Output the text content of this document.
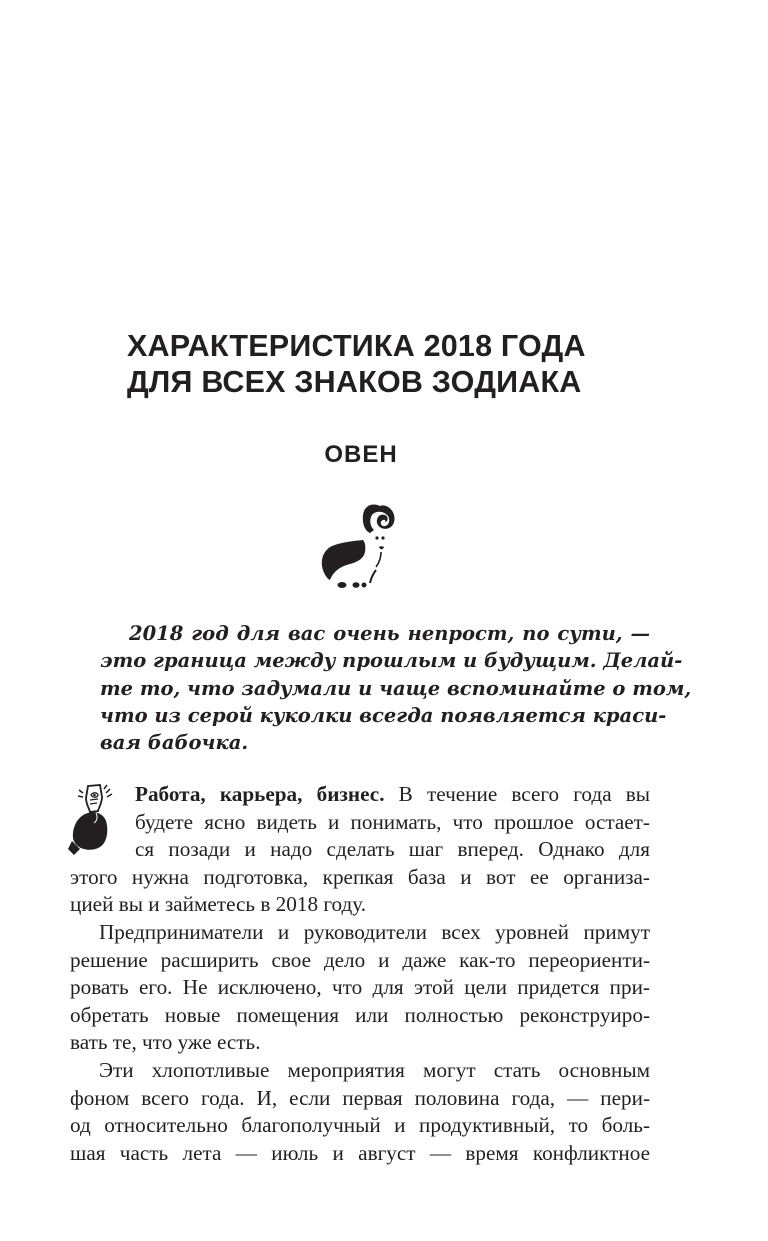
ХАРАКТЕРИСТИКА 2018 ГОДА
ДЛЯ ВСЕХ ЗНАКОВ ЗОДИАКА
ОВЕН
2018 год для вас очень непрост, по сути, —
это граница между прошлым и будущим. Делай-
те то, что задумали и чаще вспоминайте о том,
что из серой куколки всегда появляется краси-
вая бабочка.
Работа, карьера, бизнес. В течение всего года вы
будете ясно видеть и понимать, что прошлое остает-
ся позади и надо сделать шаг вперед. Однако для
этого нужна подготовка, крепкая база и вот ее организа-
цией вы и займетесь в 2018 году.
Предприниматели и руководители всех уровней примут
решение расширить свое дело и даже как-то переориенти-
ровать его. Не исключено, что для этой цели придется при-
обретать новые помещения или полностью реконструиро-
вать те, что уже есть.
Эти хлопотливые мероприятия могут стать основным
фоном всего года. И, если первая половина года, — пери-
од относительно благополучный и продуктивный, то боль-
шая часть лета — июль и август — время конфликтное
